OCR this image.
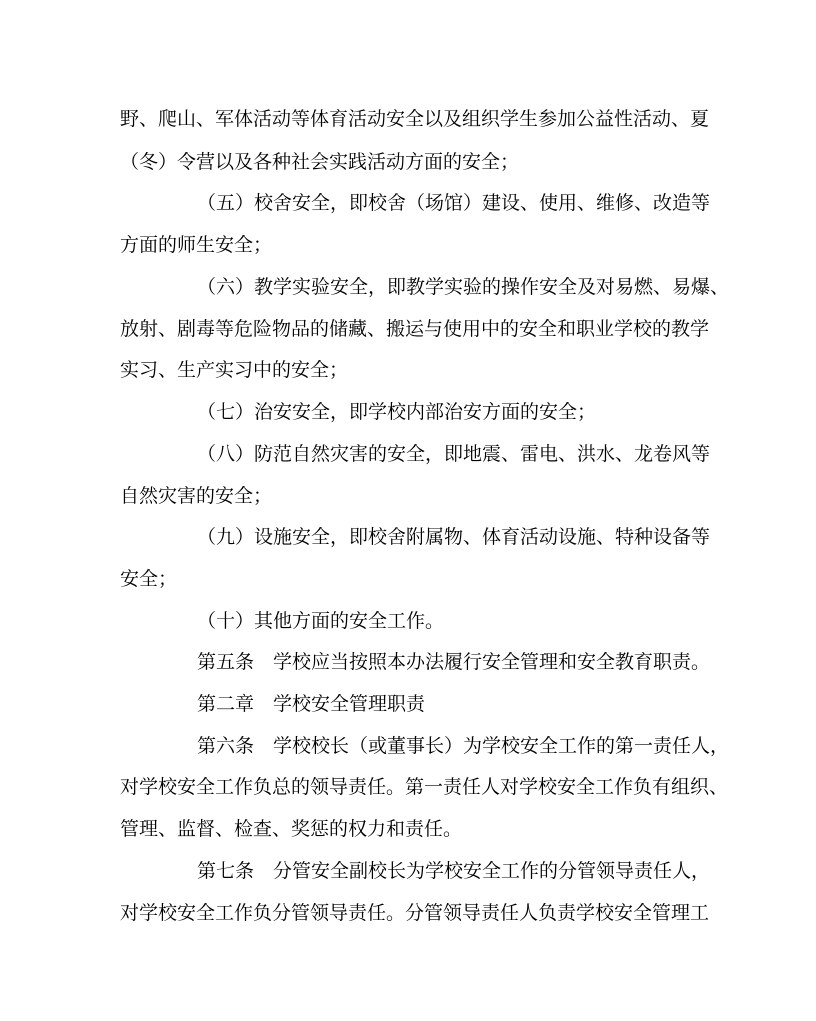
野、爬山、军体活动等体育活动安全以及组织学生参加公益性活动、夏
（冬）令营以及各种社会实践活动方面的安全；
（五）校舍安全，即校舍（场馆）建设、使用、维修、改造等
方面的师生安全；
（六）教学实验安全，即教学实验的操作安全及对易燃、易爆、
放射、剧毒等危险物品的储藏、搬运与使用中的安全和职业学校的教学
实习、生产实习中的安全；
（七）治安安全，即学校内部治安方面的安全；
（八）防范自然灾害的安全，即地震、雷电、洪水、龙卷风等
自然灾害的安全；
（九）设施安全，即校舍附属物、体育活动设施、特种设备等
安全；
（十）其他方面的安全工作。
第五条　学校应当按照本办法履行安全管理和安全教育职责。
第二章　学校安全管理职责
第六条　学校校长（或董事长）为学校安全工作的第一责任人，
对学校安全工作负总的领导责任。第一责任人对学校安全工作负有组织、
管理、监督、检查、奖惩的权力和责任。
第七条　分管安全副校长为学校安全工作的分管领导责任人，
对学校安全工作负分管领导责任。分管领导责任人负责学校安全管理工
